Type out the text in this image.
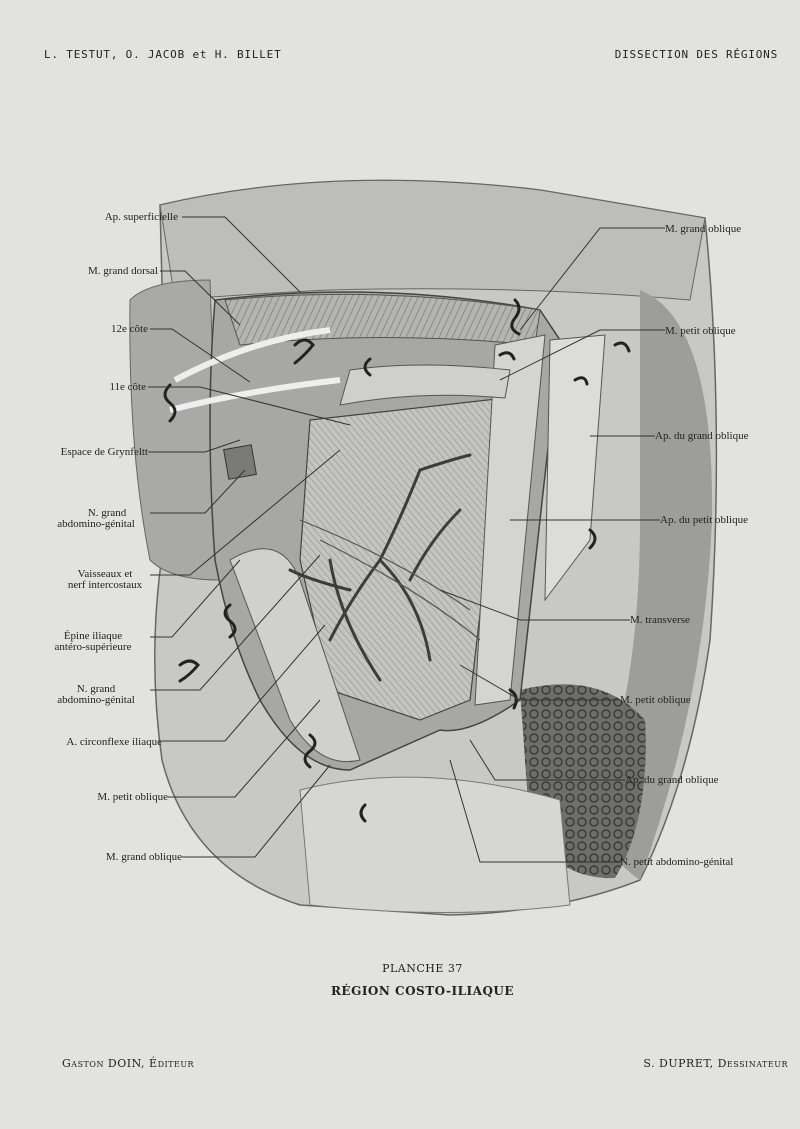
L. TESTUT, O. JACOB et H. BILLET	DISSECTION DES RÉGIONS
Ap. superficielle
M. grand dorsal
12e côte
11e côte
Espace de Grynfeltt
N. grand
abdomino-génital
Vaisseaux et
nerf intercostaux
Épine iliaque
antéro-supérieure
N. grand
abdomino-génital
A. circonflexe iliaque
M. petit oblique
M. grand oblique
M. grand oblique
M. petit oblique
Ap. du grand oblique
Ap. du petit oblique
M. transverse
M. petit oblique
Ap. du grand oblique
N. petit abdomino-génital
PLANCHE 37
RÉGION COSTO-ILIAQUE
Gaston DOIN, Éditeur	S. DUPRET, Dessinateur
